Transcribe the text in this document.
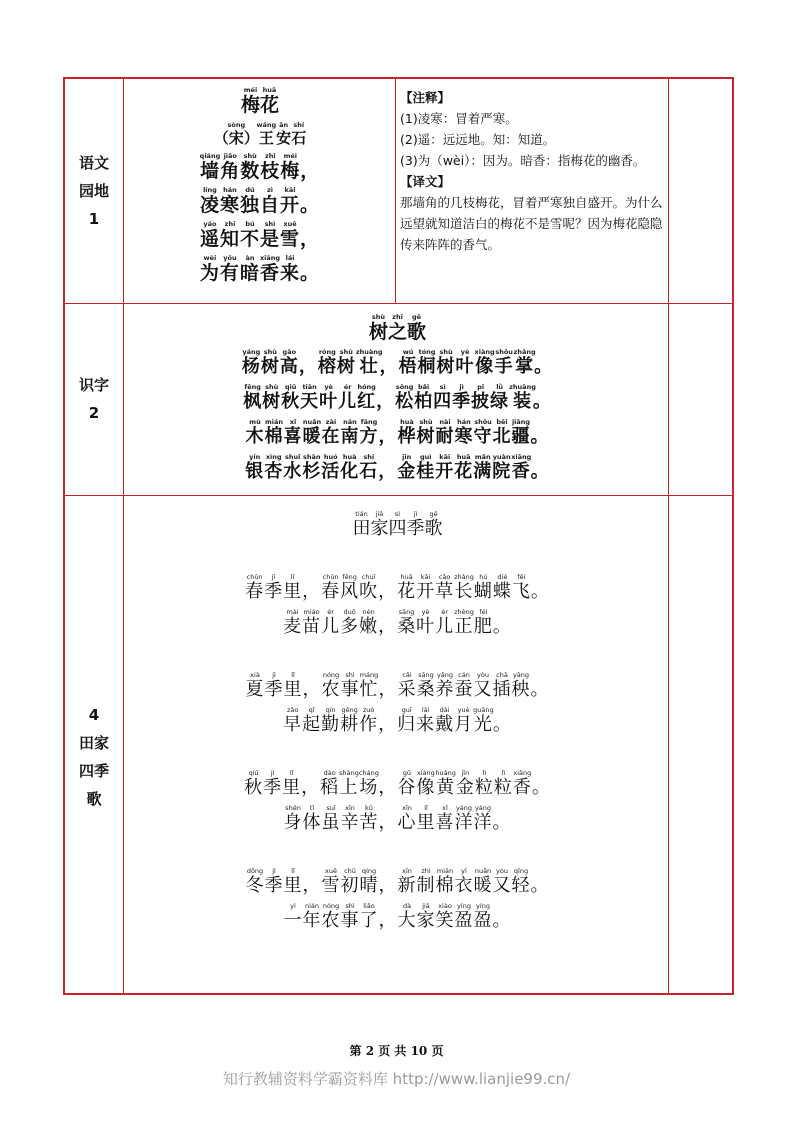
语文
园地
1
识字
2
4
田家
四季
歌
梅méi花huā
（宋sòng）王wáng安ān石shí
墙qiáng角jiǎo数shù枝zhī梅méi，
凌líng寒hán独dú自zì开kāi。
遥yáo知zhī不bú是shì雪xuě，
为wèi有yǒu暗àn香xiāng来lái。
【注释】
(1)凌寒：冒着严寒。
(2)遥：远远地。知：知道。
(3)为（wèi）：因为。暗香：指梅花的幽香。
【译文】
那墙角的几枝梅花，冒着严寒独自盛开。为什么远望就知道洁白的梅花不是雪呢？因为梅花隐隐传来阵阵的香气。
树shù之zhī歌gē
杨yáng树shù高gāo，榕róng树shù壮zhuàng，梧wú桐tóng树shù叶yè像xiàng手shǒu掌zhǎng。
枫fēng树shù秋qiū天tiān叶yè儿ér红hóng，松sōng柏bǎi四sì季jì披pī绿lǜ装zhuāng。
木mù棉mián喜xǐ暖nuǎn在zài南nán方fāng，桦huà树shù耐nài寒hán守shǒu北běi疆jiāng。
银yín杏xìng水shuǐ杉shān活huó化huà石shí，金jīn桂guì开kāi花huā满mǎn院yuàn香xiāng。
田tián家jiā四sì季jì歌gē
春chūn季jì里lǐ，春chūn风fēng吹chuī，花huā开kāi草cǎo长zhǎng蝴hú蝶dié飞fēi。
麦mài苗miáo儿ér多duō嫩nèn，桑sāng叶yè儿ér正zhèng肥féi。
夏xià季jì里lǐ，农nóng事shì忙máng，采cǎi桑sāng养yǎng蚕cán又yòu插chā秧yāng。
早zǎo起qǐ勤qín耕gēng作zuò，归guī来lái戴dài月yuè光guāng。
秋qiū季jì里lǐ，稻dào上shàng场cháng，谷gǔ像xiàng黄huáng金jīn粒lì粒lì香xiāng。
身shēn体tǐ虽suī辛xīn苦kǔ，心xīn里lǐ喜xǐ洋yáng洋yáng。
冬dōng季jì里lǐ，雪xuě初chū晴qíng，新xīn制zhì棉mián衣yī暖nuǎn又yòu轻qīng。
一yì年nián农nóng事shì了liǎo，大dà家jiā笑xiào盈yíng盈yíng。
第 2 页 共 10 页
知行教辅资料学霸资料库 http://www.lianjie99.cn/
